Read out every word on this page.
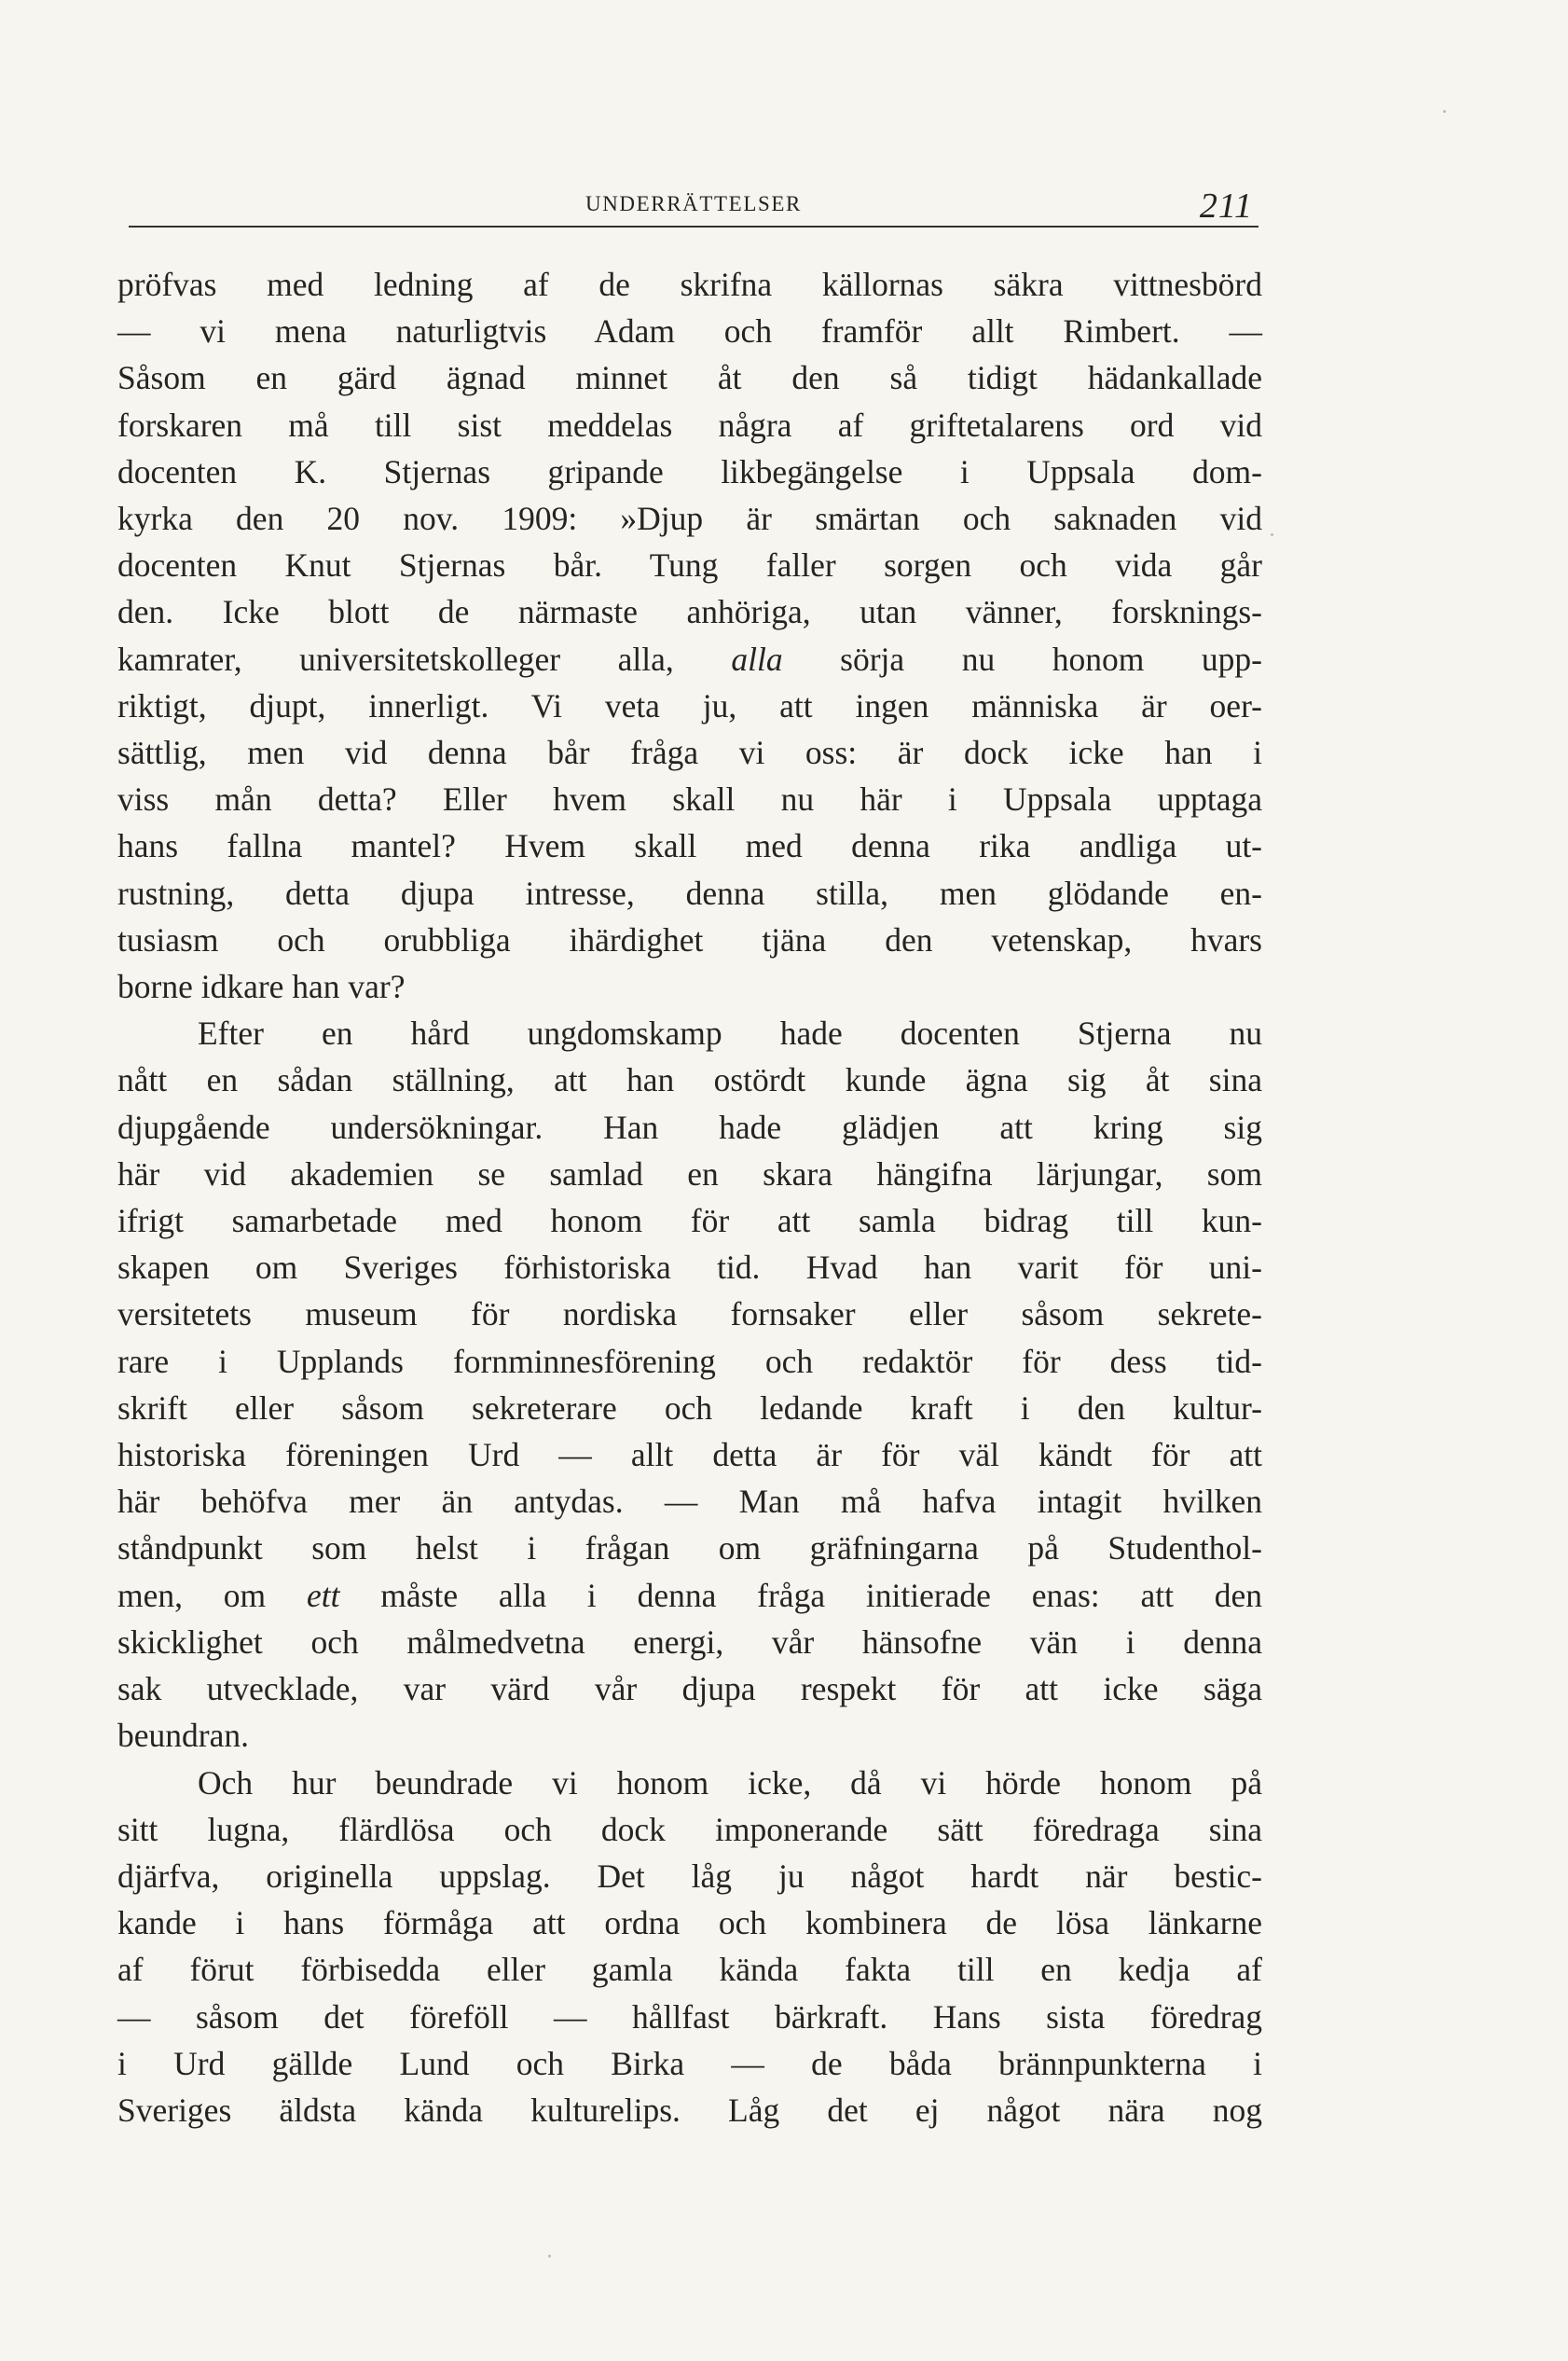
UNDERRÄTTELSER	211

pröfvas med ledning af de skrifna källornas säkra vittnesbörd
— vi mena naturligtvis Adam och framför allt Rimbert. —
Såsom en gärd ägnad minnet åt den så tidigt hädankallade
forskaren må till sist meddelas några af griftetalarens ord vid
docenten K. Stjernas gripande likbegängelse i Uppsala dom-
kyrka den 20 nov. 1909: »Djup är smärtan och saknaden vid
docenten Knut Stjernas bår. Tung faller sorgen och vida går
den. Icke blott de närmaste anhöriga, utan vänner, forsknings-
kamrater, universitetskolleger alla, alla sörja nu honom upp-
riktigt, djupt, innerligt. Vi veta ju, att ingen människa är oer-
sättlig, men vid denna bår fråga vi oss: är dock icke han i
viss mån detta? Eller hvem skall nu här i Uppsala upptaga
hans fallna mantel? Hvem skall med denna rika andliga ut-
rustning, detta djupa intresse, denna stilla, men glödande en-
tusiasm och orubbliga ihärdighet tjäna den vetenskap, hvars
borne idkare han var?

Efter en hård ungdomskamp hade docenten Stjerna nu
nått en sådan ställning, att han ostördt kunde ägna sig åt sina
djupgående undersökningar. Han hade glädjen att kring sig
här vid akademien se samlad en skara hängifna lärjungar, som
ifrigt samarbetade med honom för att samla bidrag till kun-
skapen om Sveriges förhistoriska tid. Hvad han varit för uni-
versitetets museum för nordiska fornsaker eller såsom sekrete-
rare i Upplands fornminnesförening och redaktör för dess tid-
skrift eller såsom sekreterare och ledande kraft i den kultur-
historiska föreningen Urd — allt detta är för väl kändt för att
här behöfva mer än antydas. — Man må hafva intagit hvilken
ståndpunkt som helst i frågan om gräfningarna på Studenthol-
men, om ett måste alla i denna fråga initierade enas: att den
skicklighet och målmedvetna energi, vår hänsofne vän i denna
sak utvecklade, var värd vår djupa respekt för att icke säga
beundran.

Och hur beundrade vi honom icke, då vi hörde honom på
sitt lugna, flärdlösa och dock imponerande sätt föredraga sina
djärfva, originella uppslag. Det låg ju något hardt när bestic-
kande i hans förmåga att ordna och kombinera de lösa länkarne
af förut förbisedda eller gamla kända fakta till en kedja af
— såsom det föreföll — hållfast bärkraft. Hans sista föredrag
i Urd gällde Lund och Birka — de båda brännpunkterna i
Sveriges äldsta kända kulturelips. Låg det ej något nära nog
